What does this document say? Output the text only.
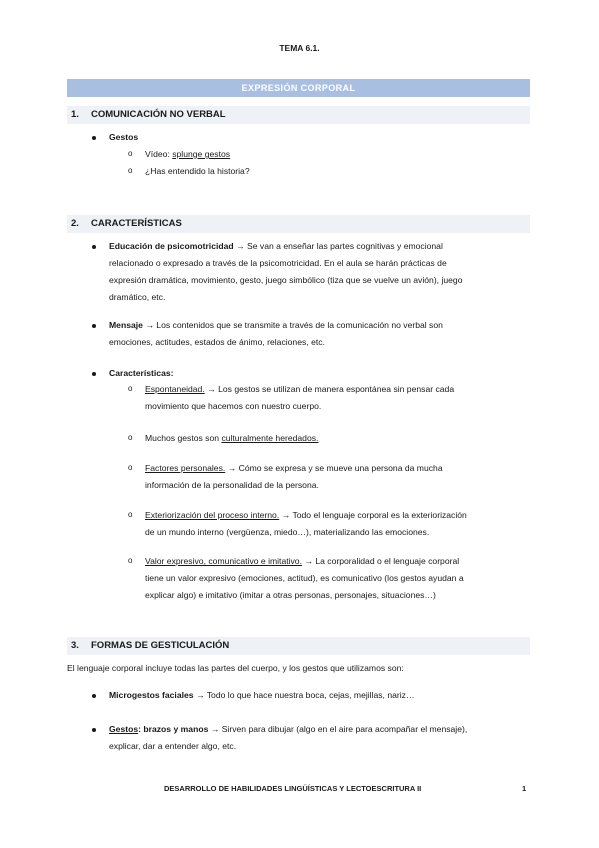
TEMA 6.1.
EXPRESIÓN CORPORAL
1. COMUNICACIÓN NO VERBAL
Gestos
o Vídeo: splunge gestos
o ¿Has entendido la historia?
2. CARACTERÍSTICAS
Educación de psicomotricidad → Se van a enseñar las partes cognitivas y emocional
relacionado o expresado a través de la psicomotricidad. En el aula se harán prácticas de
expresión dramática, movimiento, gesto, juego simbólico (tiza que se vuelve un avión), juego
dramático, etc.
Mensaje → Los contenidos que se transmite a través de la comunicación no verbal son
emociones, actitudes, estados de ánimo, relaciones, etc.
Características:
o Espontaneidad. → Los gestos se utilizan de manera espontánea sin pensar cada
movimiento que hacemos con nuestro cuerpo.
o Muchos gestos son culturalmente heredados.
o Factores personales. → Cómo se expresa y se mueve una persona da mucha
información de la personalidad de la persona.
o Exteriorización del proceso interno. → Todo el lenguaje corporal es la exteriorización
de un mundo interno (vergüenza, miedo…), materializando las emociones.
o Valor expresivo, comunicativo e imitativo. → La corporalidad o el lenguaje corporal
tiene un valor expresivo (emociones, actitud), es comunicativo (los gestos ayudan a
explicar algo) e imitativo (imitar a otras personas, personajes, situaciones…)
3. FORMAS DE GESTICULACIÓN
El lenguaje corporal incluye todas las partes del cuerpo, y los gestos que utilizamos son:
Microgestos faciales → Todo lo que hace nuestra boca, cejas, mejillas, nariz…
Gestos: brazos y manos → Sirven para dibujar (algo en el aire para acompañar el mensaje),
explicar, dar a entender algo, etc.
DESARROLLO DE HABILIDADES LINGÜÍSTICAS Y LECTOESCRITURA II	1
